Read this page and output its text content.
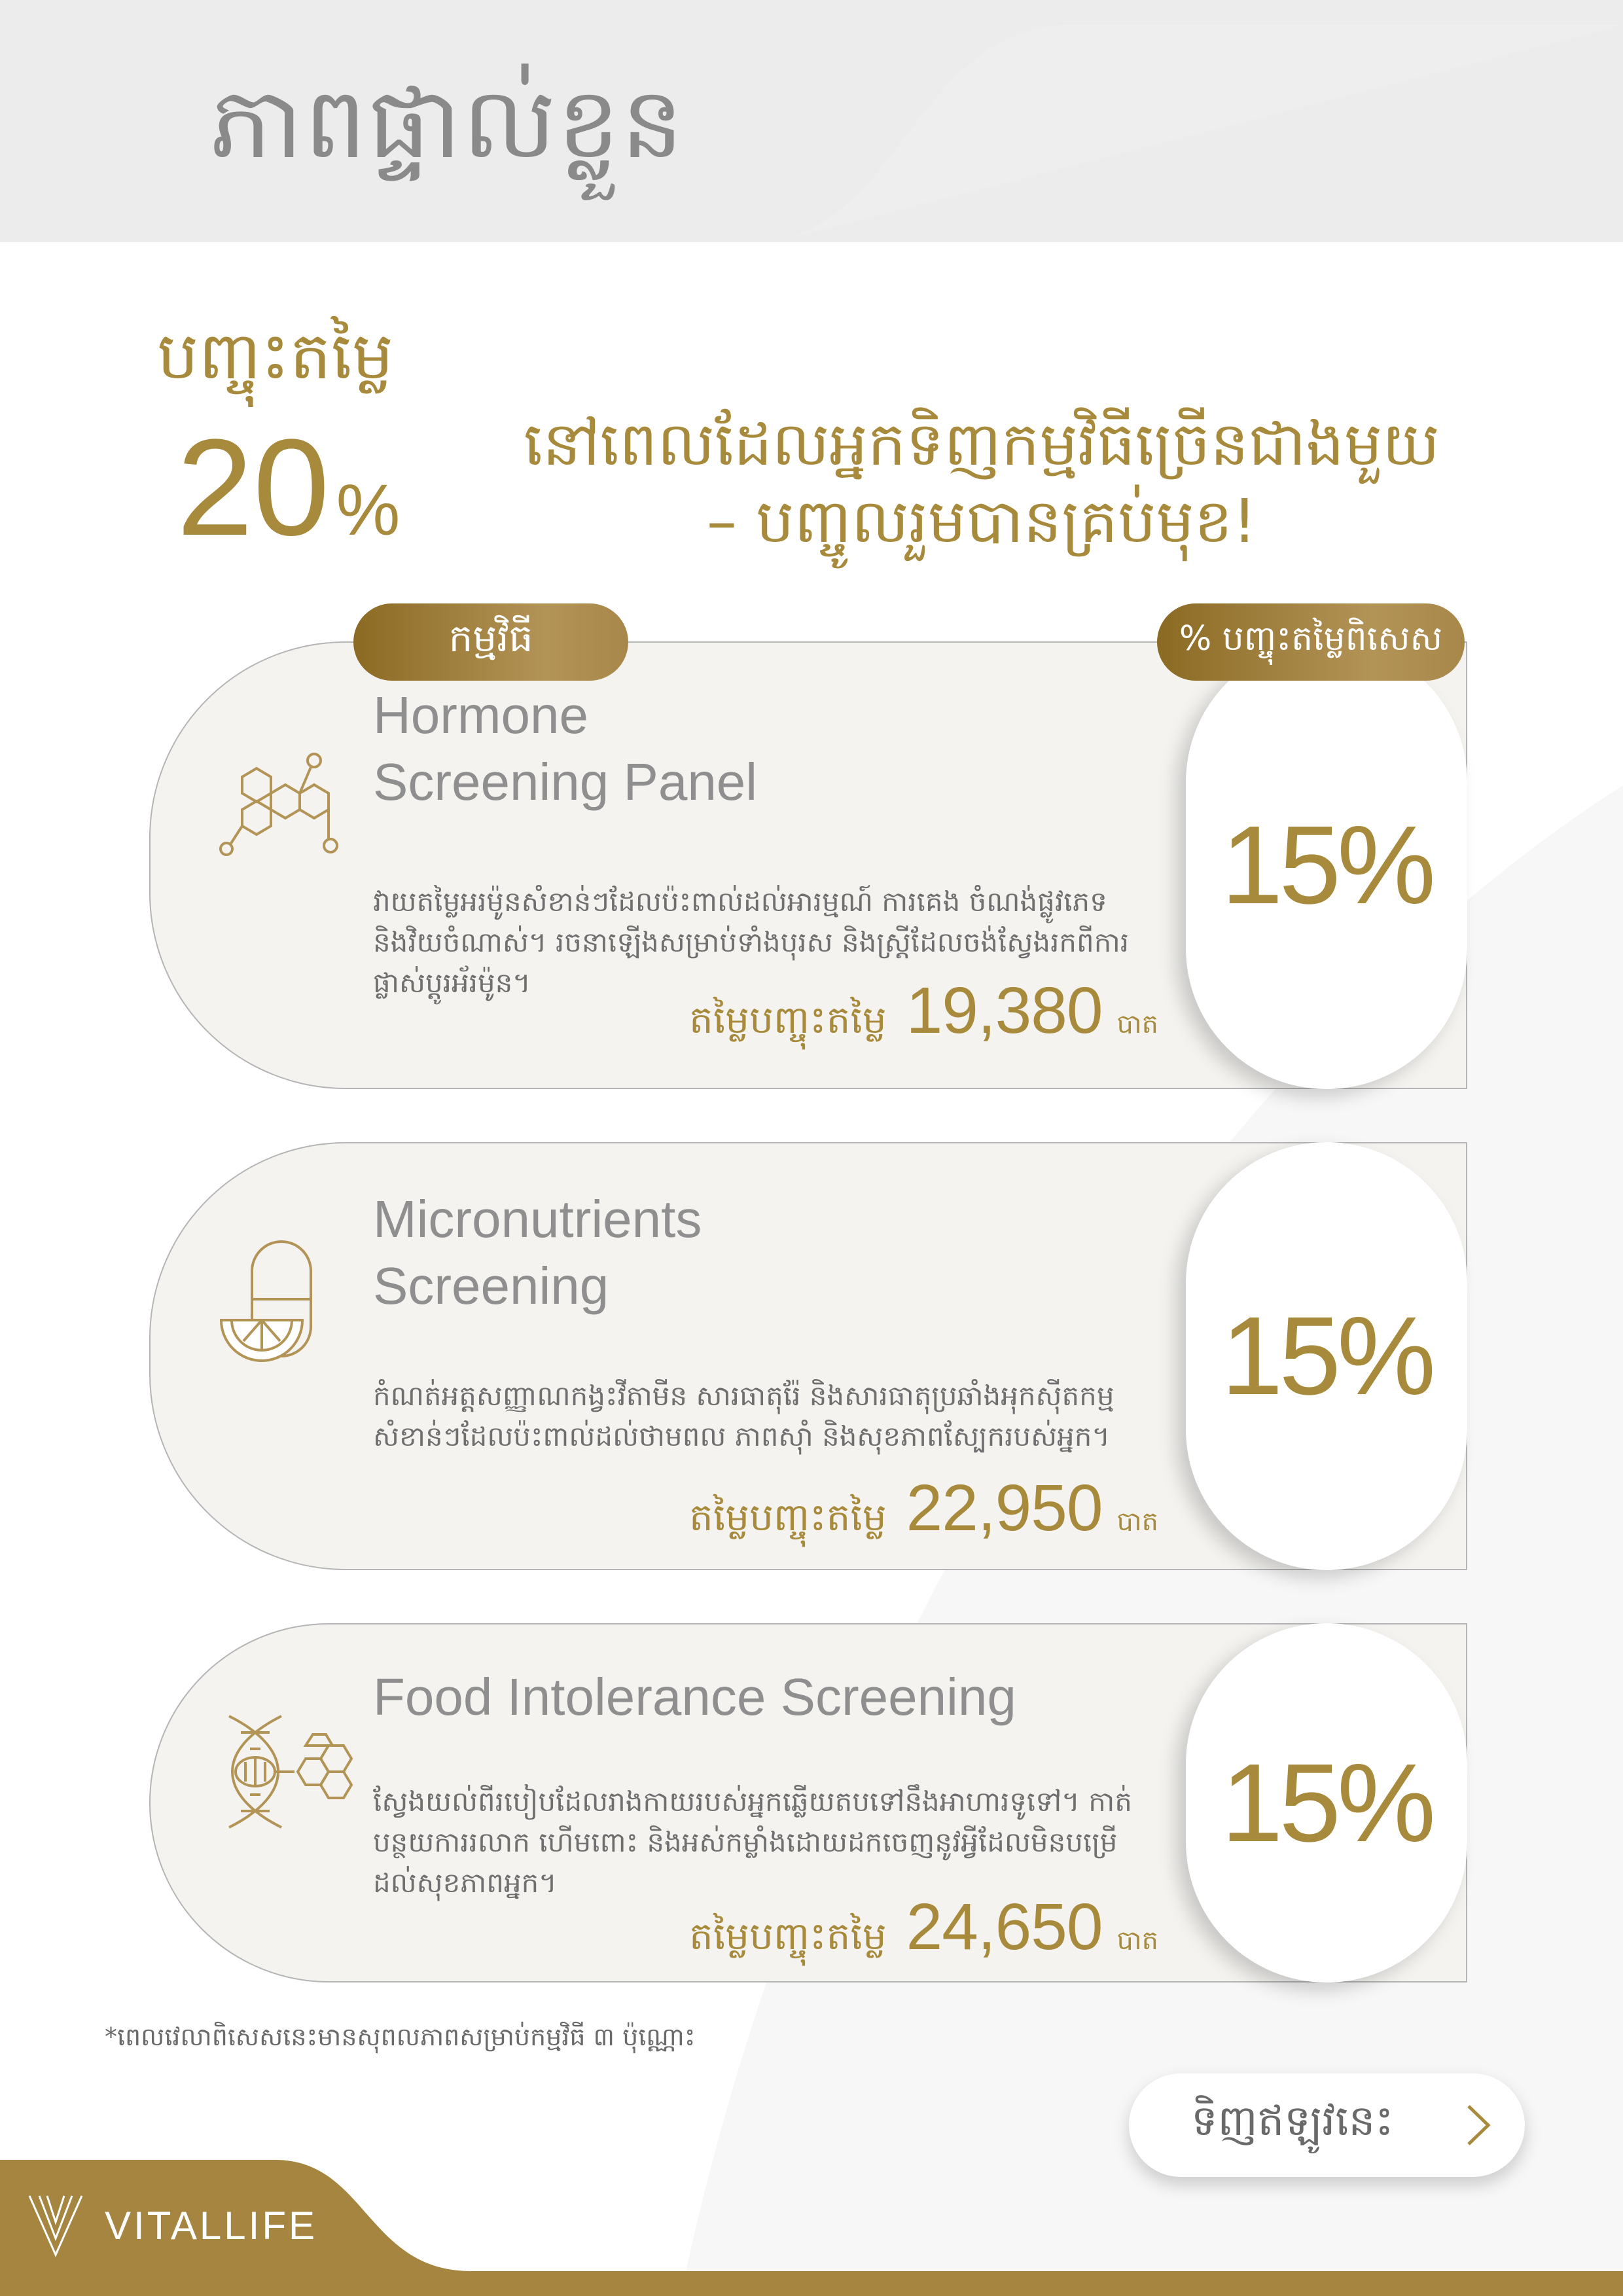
ភាពផ្ទាល់ខ្លួន
បញ្ចុះតម្លៃ
20%
នៅពេលដែលអ្នកទិញកម្មវិធីច្រើនជាងមួយ
– បញ្ចូលរួមបានគ្រប់មុខ!
Hormone
Screening Panel
វាយតម្លៃអរម៉ូនសំខាន់ៗដែលប៉ះពាល់ដល់អារម្មណ៍ ការគេង ចំណង់ផ្លូវភេទ និងវិយចំណាស់។ រចនាឡើងសម្រាប់ទាំងបុរស និងស្ត្រីដែលចង់ស្វែងរកពីការផ្លាស់ប្តូរអ័រម៉ូន។
តម្លៃបញ្ចុះតម្លៃ 19,380 បាត
15%
Micronutrients
Screening
កំណត់អត្តសញ្ញាណកង្វះវីតាមីន សារធាតុរ៉ែ និងសារធាតុប្រឆាំងអុកស៊ីតកម្មសំខាន់ៗដែលប៉ះពាល់ដល់ថាមពល ភាពស៊ាំ និងសុខភាពស្បែករបស់អ្នក។
តម្លៃបញ្ចុះតម្លៃ 22,950 បាត
15%
Food Intolerance Screening
ស្វែងយល់ពីរបៀបដែលរាងកាយរបស់អ្នកឆ្លើយតបទៅនឹងអាហារទូទៅ។ កាត់បន្ថយការរលាក ហើមពោះ និងអស់កម្លាំងដោយដកចេញនូវអ្វីដែលមិនបម្រើដល់សុខភាពអ្នក។
តម្លៃបញ្ចុះតម្លៃ 24,650 បាត
15%
កម្មវិធី	% បញ្ចុះតម្លៃពិសេស
*ពេលវេលាពិសេសនេះមានសុពលភាពសម្រាប់កម្មវិធី ៣ ប៉ុណ្ណោះ
ទិញឥឡូវនេះ
VITALLIFE
